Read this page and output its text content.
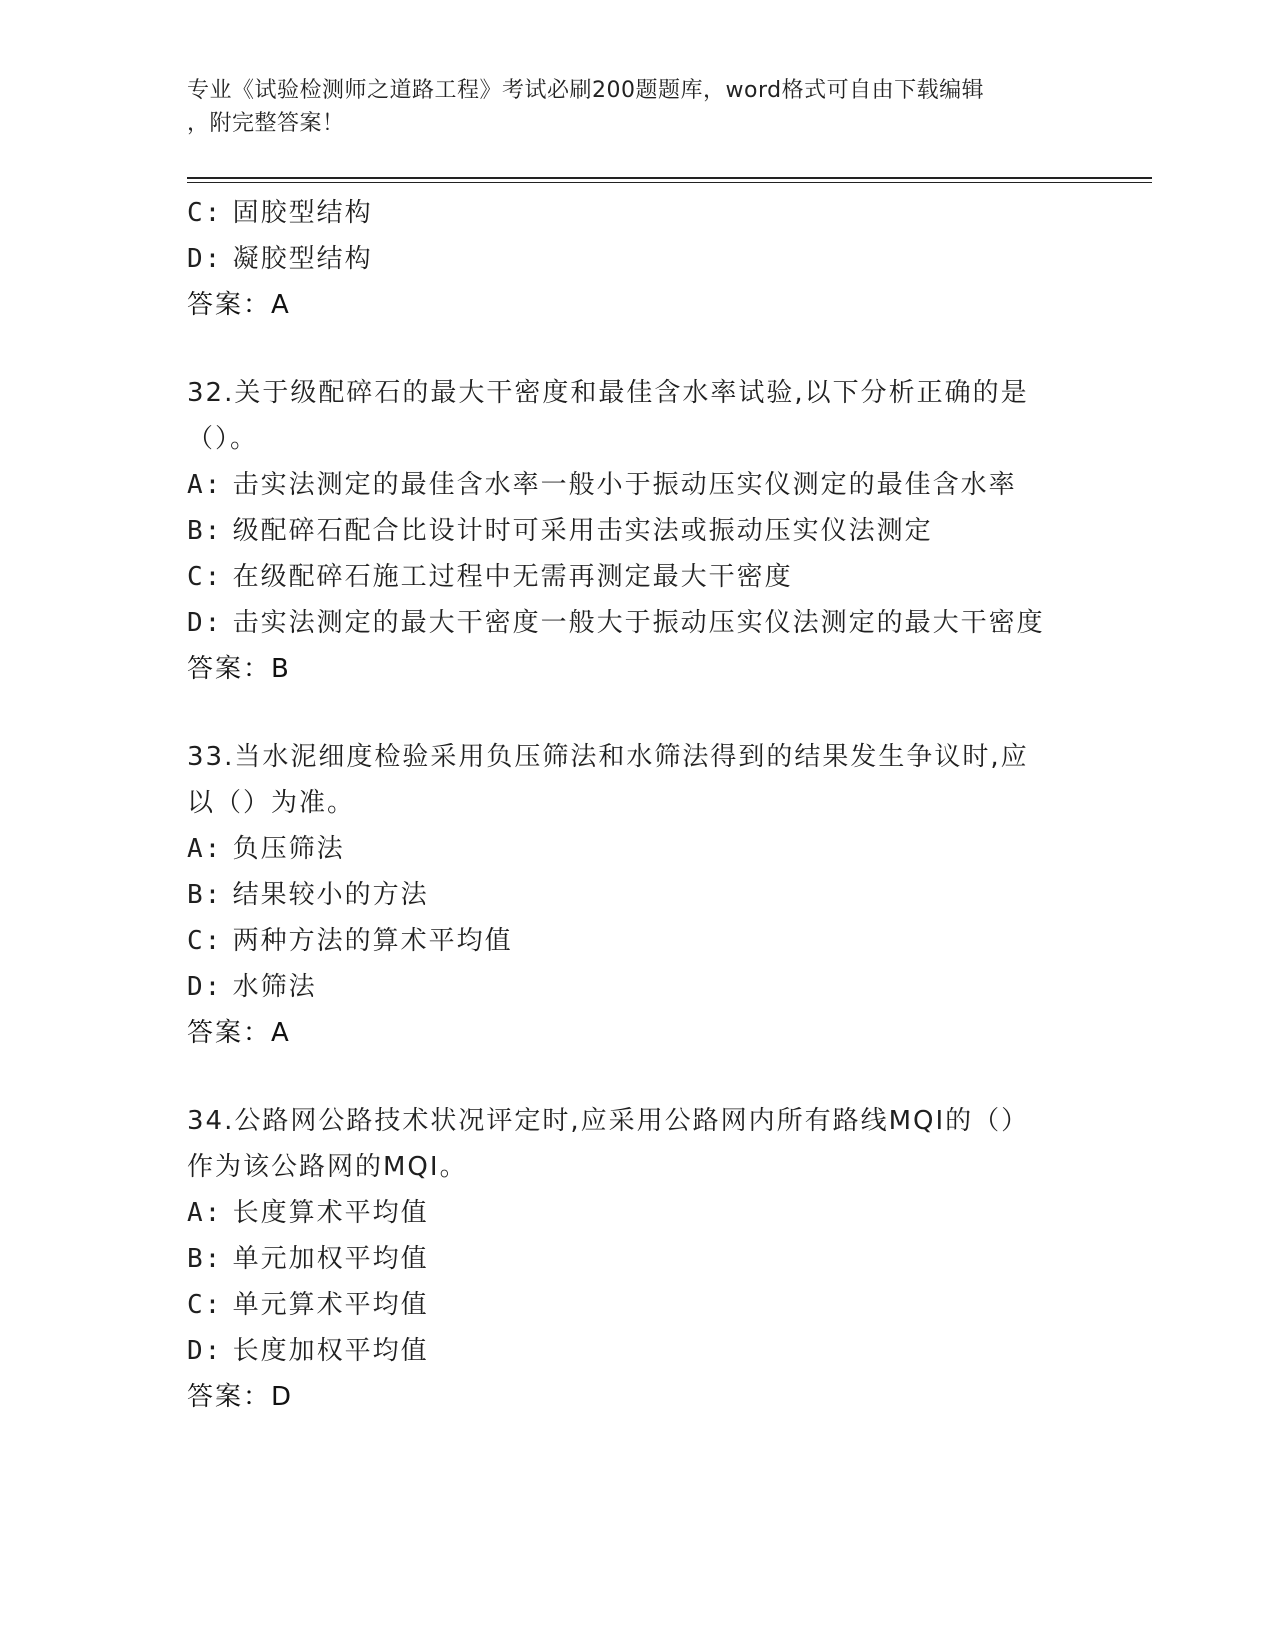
专业《试验检测师之道路工程》考试必刷200题题库，word格式可自由下载编辑
，附完整答案！
C: 固胶型结构
D: 凝胶型结构
答案：A
32.关于级配碎石的最大干密度和最佳含水率试验,以下分析正确的是
（）。
A: 击实法测定的最佳含水率一般小于振动压实仪测定的最佳含水率
B: 级配碎石配合比设计时可采用击实法或振动压实仪法测定
C: 在级配碎石施工过程中无需再测定最大干密度
D: 击实法测定的最大干密度一般大于振动压实仪法测定的最大干密度
答案：B
33.当水泥细度检验采用负压筛法和水筛法得到的结果发生争议时,应
以（）为准。
A: 负压筛法
B: 结果较小的方法
C: 两种方法的算术平均值
D: 水筛法
答案：A
34.公路网公路技术状况评定时,应采用公路网内所有路线MQI的（）
作为该公路网的MQI。
A: 长度算术平均值
B: 单元加权平均值
C: 单元算术平均值
D: 长度加权平均值
答案：D
